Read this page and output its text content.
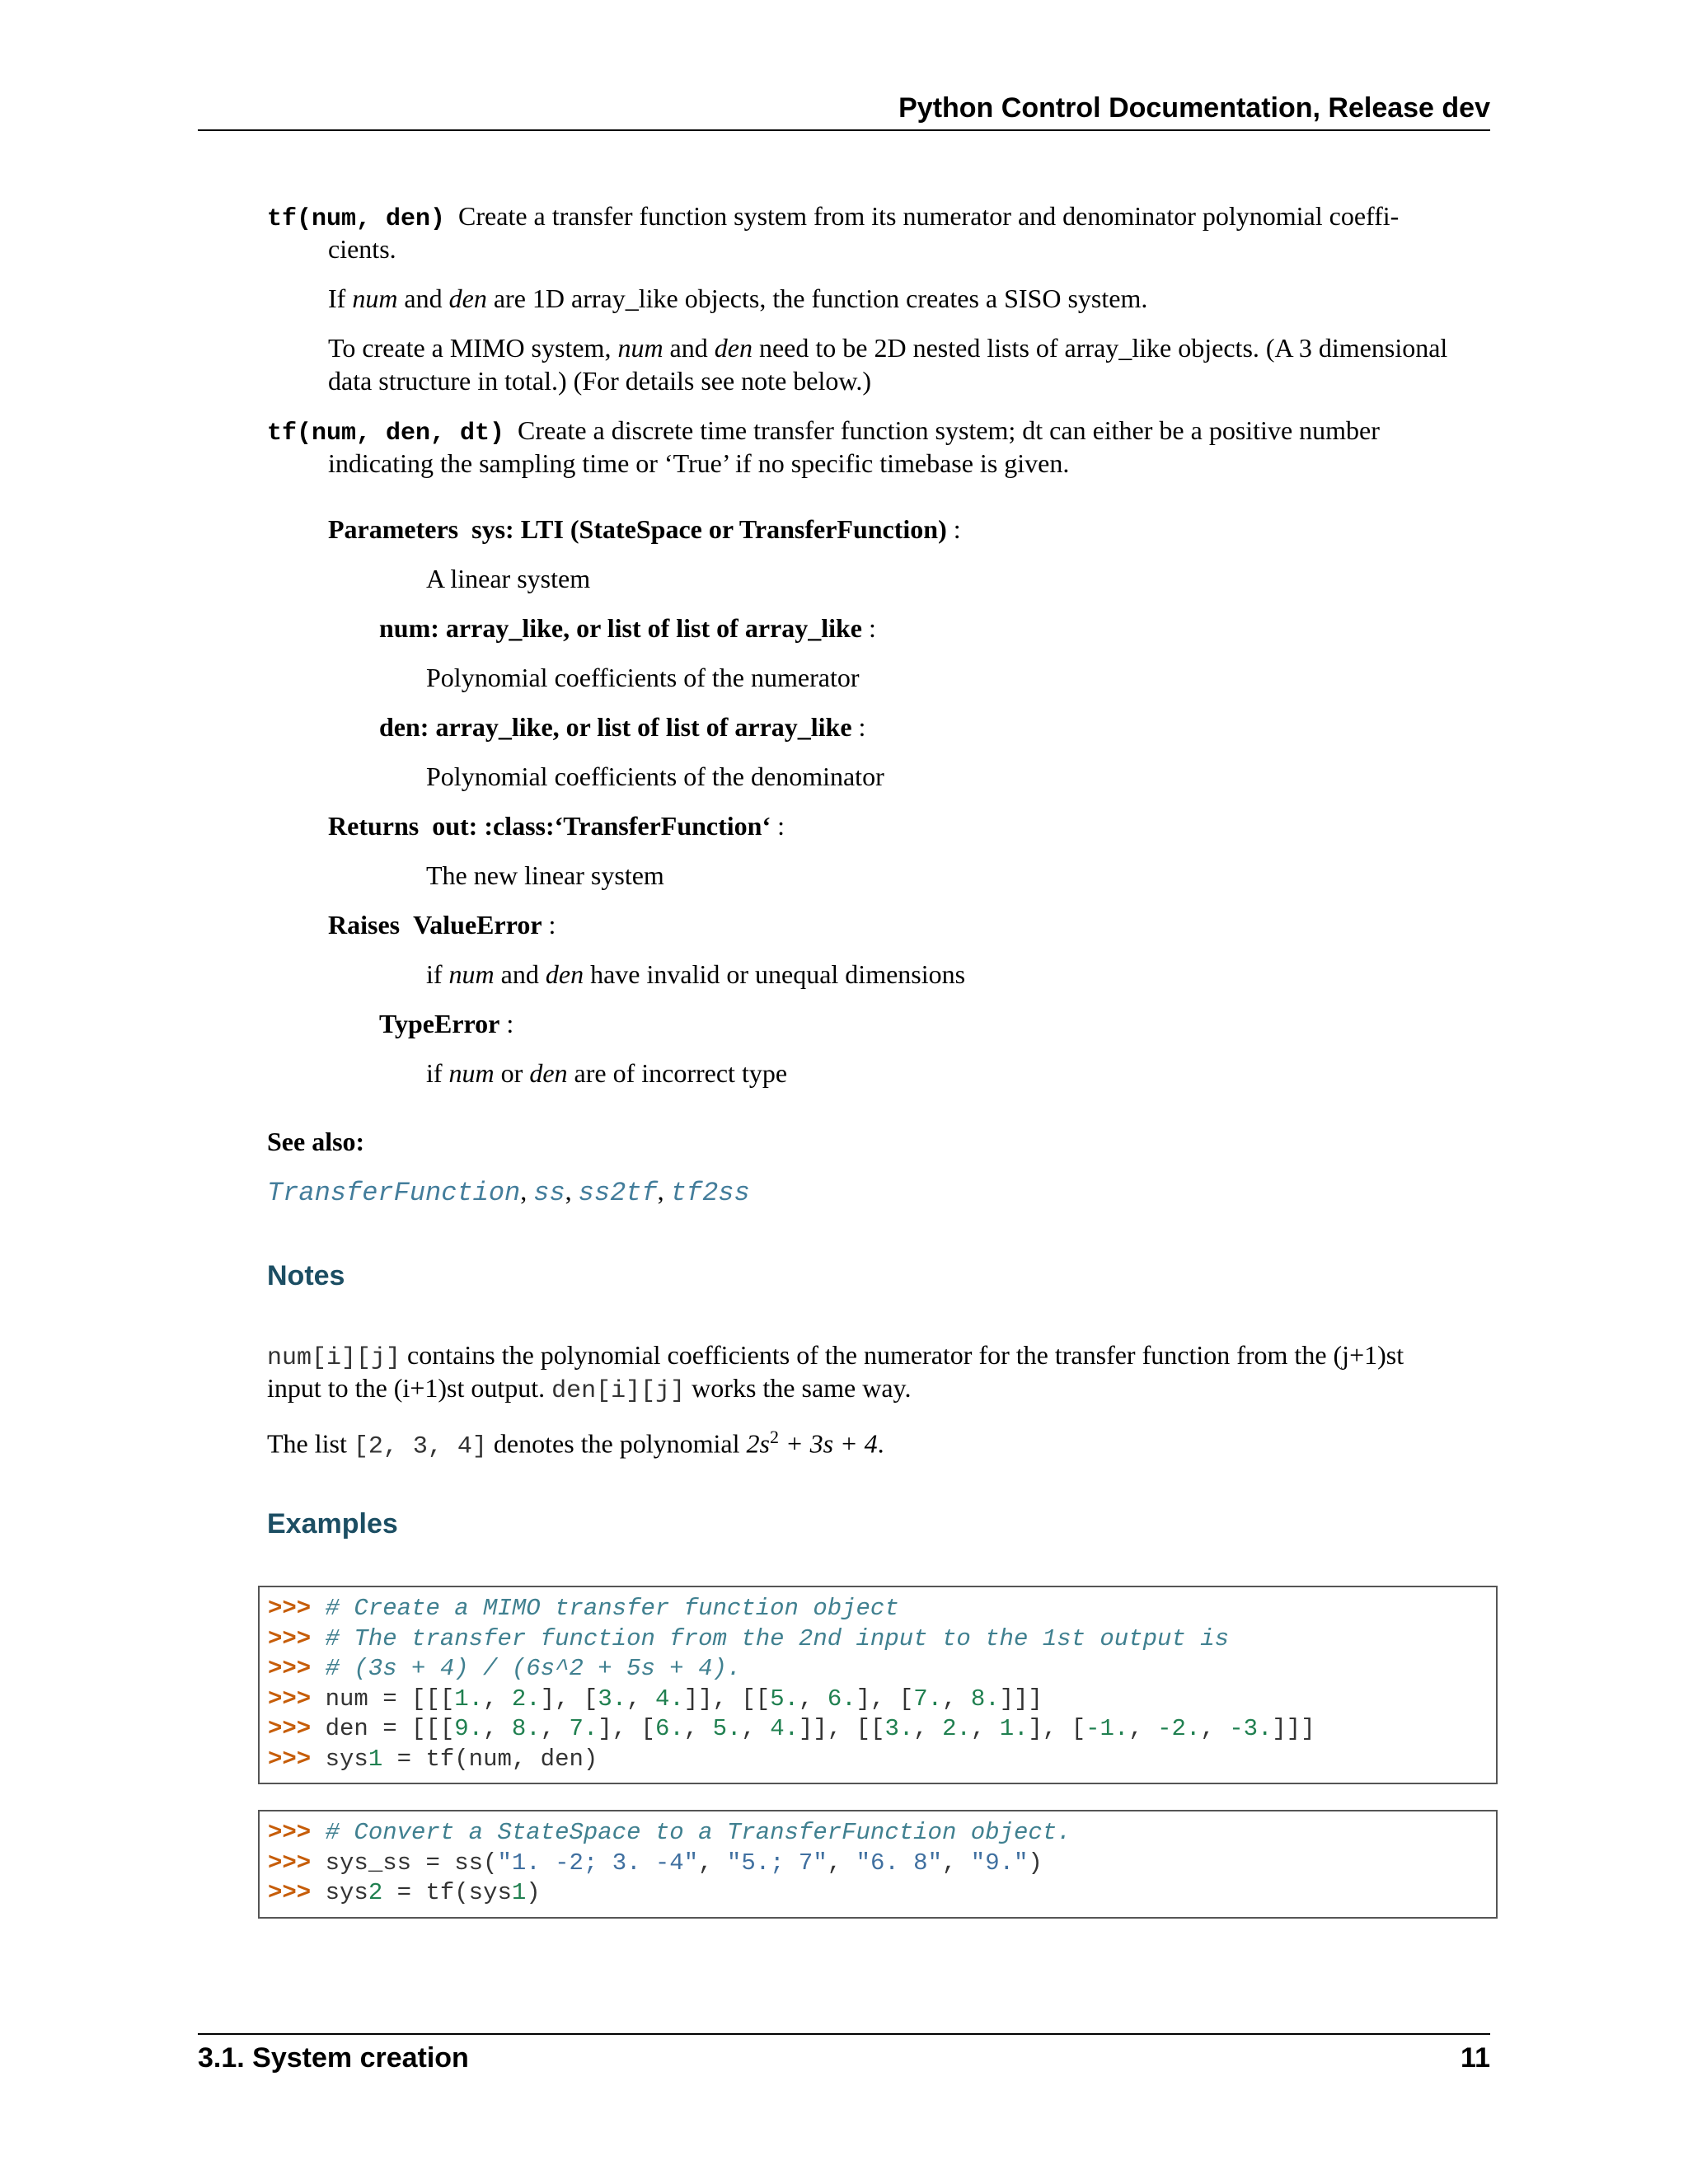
Python Control Documentation, Release dev
tf(num, den) Create a transfer function system from its numerator and denominator polynomial coeffi-
cients.
If num and den are 1D array_like objects, the function creates a SISO system.
To create a MIMO system, num and den need to be 2D nested lists of array_like objects. (A 3 dimensional
data structure in total.) (For details see note below.)
tf(num, den, dt) Create a discrete time transfer function system; dt can either be a positive number
indicating the sampling time or ‘True’ if no specific timebase is given.
Parameters sys: LTI (StateSpace or TransferFunction) :
A linear system
num: array_like, or list of list of array_like :
Polynomial coefficients of the numerator
den: array_like, or list of list of array_like :
Polynomial coefficients of the denominator
Returns out: :class:‘TransferFunction‘ :
The new linear system
Raises ValueError :
if num and den have invalid or unequal dimensions
TypeError :
if num or den are of incorrect type
See also:
TransferFunction, ss, ss2tf, tf2ss
Notes
num[i][j] contains the polynomial coefficients of the numerator for the transfer function from the (j+1)st
input to the (i+1)st output. den[i][j] works the same way.
The list [2, 3, 4] denotes the polynomial $2s^2 + 3s + 4$.
Examples
>>> # Create a MIMO transfer function object
>>> # The transfer function from the 2nd input to the 1st output is
>>> # (3s + 4) / (6s^2 + 5s + 4).
>>> num = [[[1., 2.], [3., 4.]], [[5., 6.], [7., 8.]]]
>>> den = [[[9., 8., 7.], [6., 5., 4.]], [[3., 2., 1.], [-1., -2., -3.]]]
>>> sys1 = tf(num, den)
>>> # Convert a StateSpace to a TransferFunction object.
>>> sys_ss = ss("1. -2; 3. -4", "5.; 7", "6. 8", "9.")
>>> sys2 = tf(sys1)
3.1. System creation	11
